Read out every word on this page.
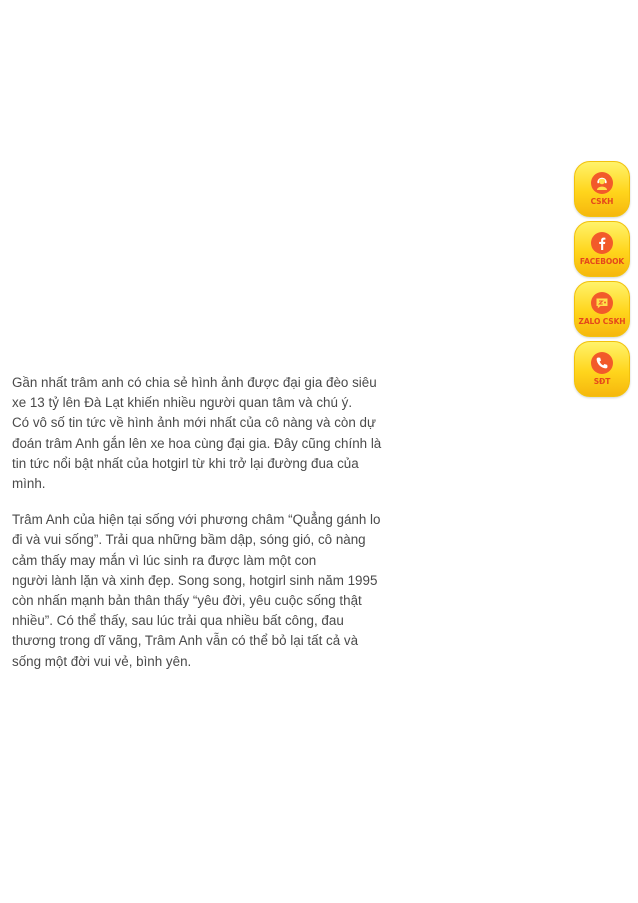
Gần nhất trâm anh có chia sẻ hình ảnh được đại gia đèo siêu
xe 13 tỷ lên Đà Lạt khiến nhiều người quan tâm và chú ý.
Có vô số tin tức về hình ảnh mới nhất của cô nàng và còn dự
đoán trâm Anh gắn lên xe hoa cùng đại gia. Đây cũng chính là
tin tức nổi bật nhất của hotgirl từ khi trở lại đường đua của
mình.

Trâm Anh của hiện tại sống với phương châm “Quẳng gánh lo
đi và vui sống”. Trải qua những bầm dập, sóng gió, cô nàng
cảm thấy may mắn vì lúc sinh ra được làm một con
người lành lặn và xinh đẹp. Song song, hotgirl sinh năm 1995
còn nhấn mạnh bản thân thấy “yêu đời, yêu cuộc sống thật
nhiều”. Có thể thấy, sau lúc trải qua nhiều bất công, đau
thương trong dĩ vãng, Trâm Anh vẫn có thể bỏ lại tất cả và
sống một đời vui vẻ, bình yên.

CSKH
FACEBOOK
ZALO CSKH
SĐT
